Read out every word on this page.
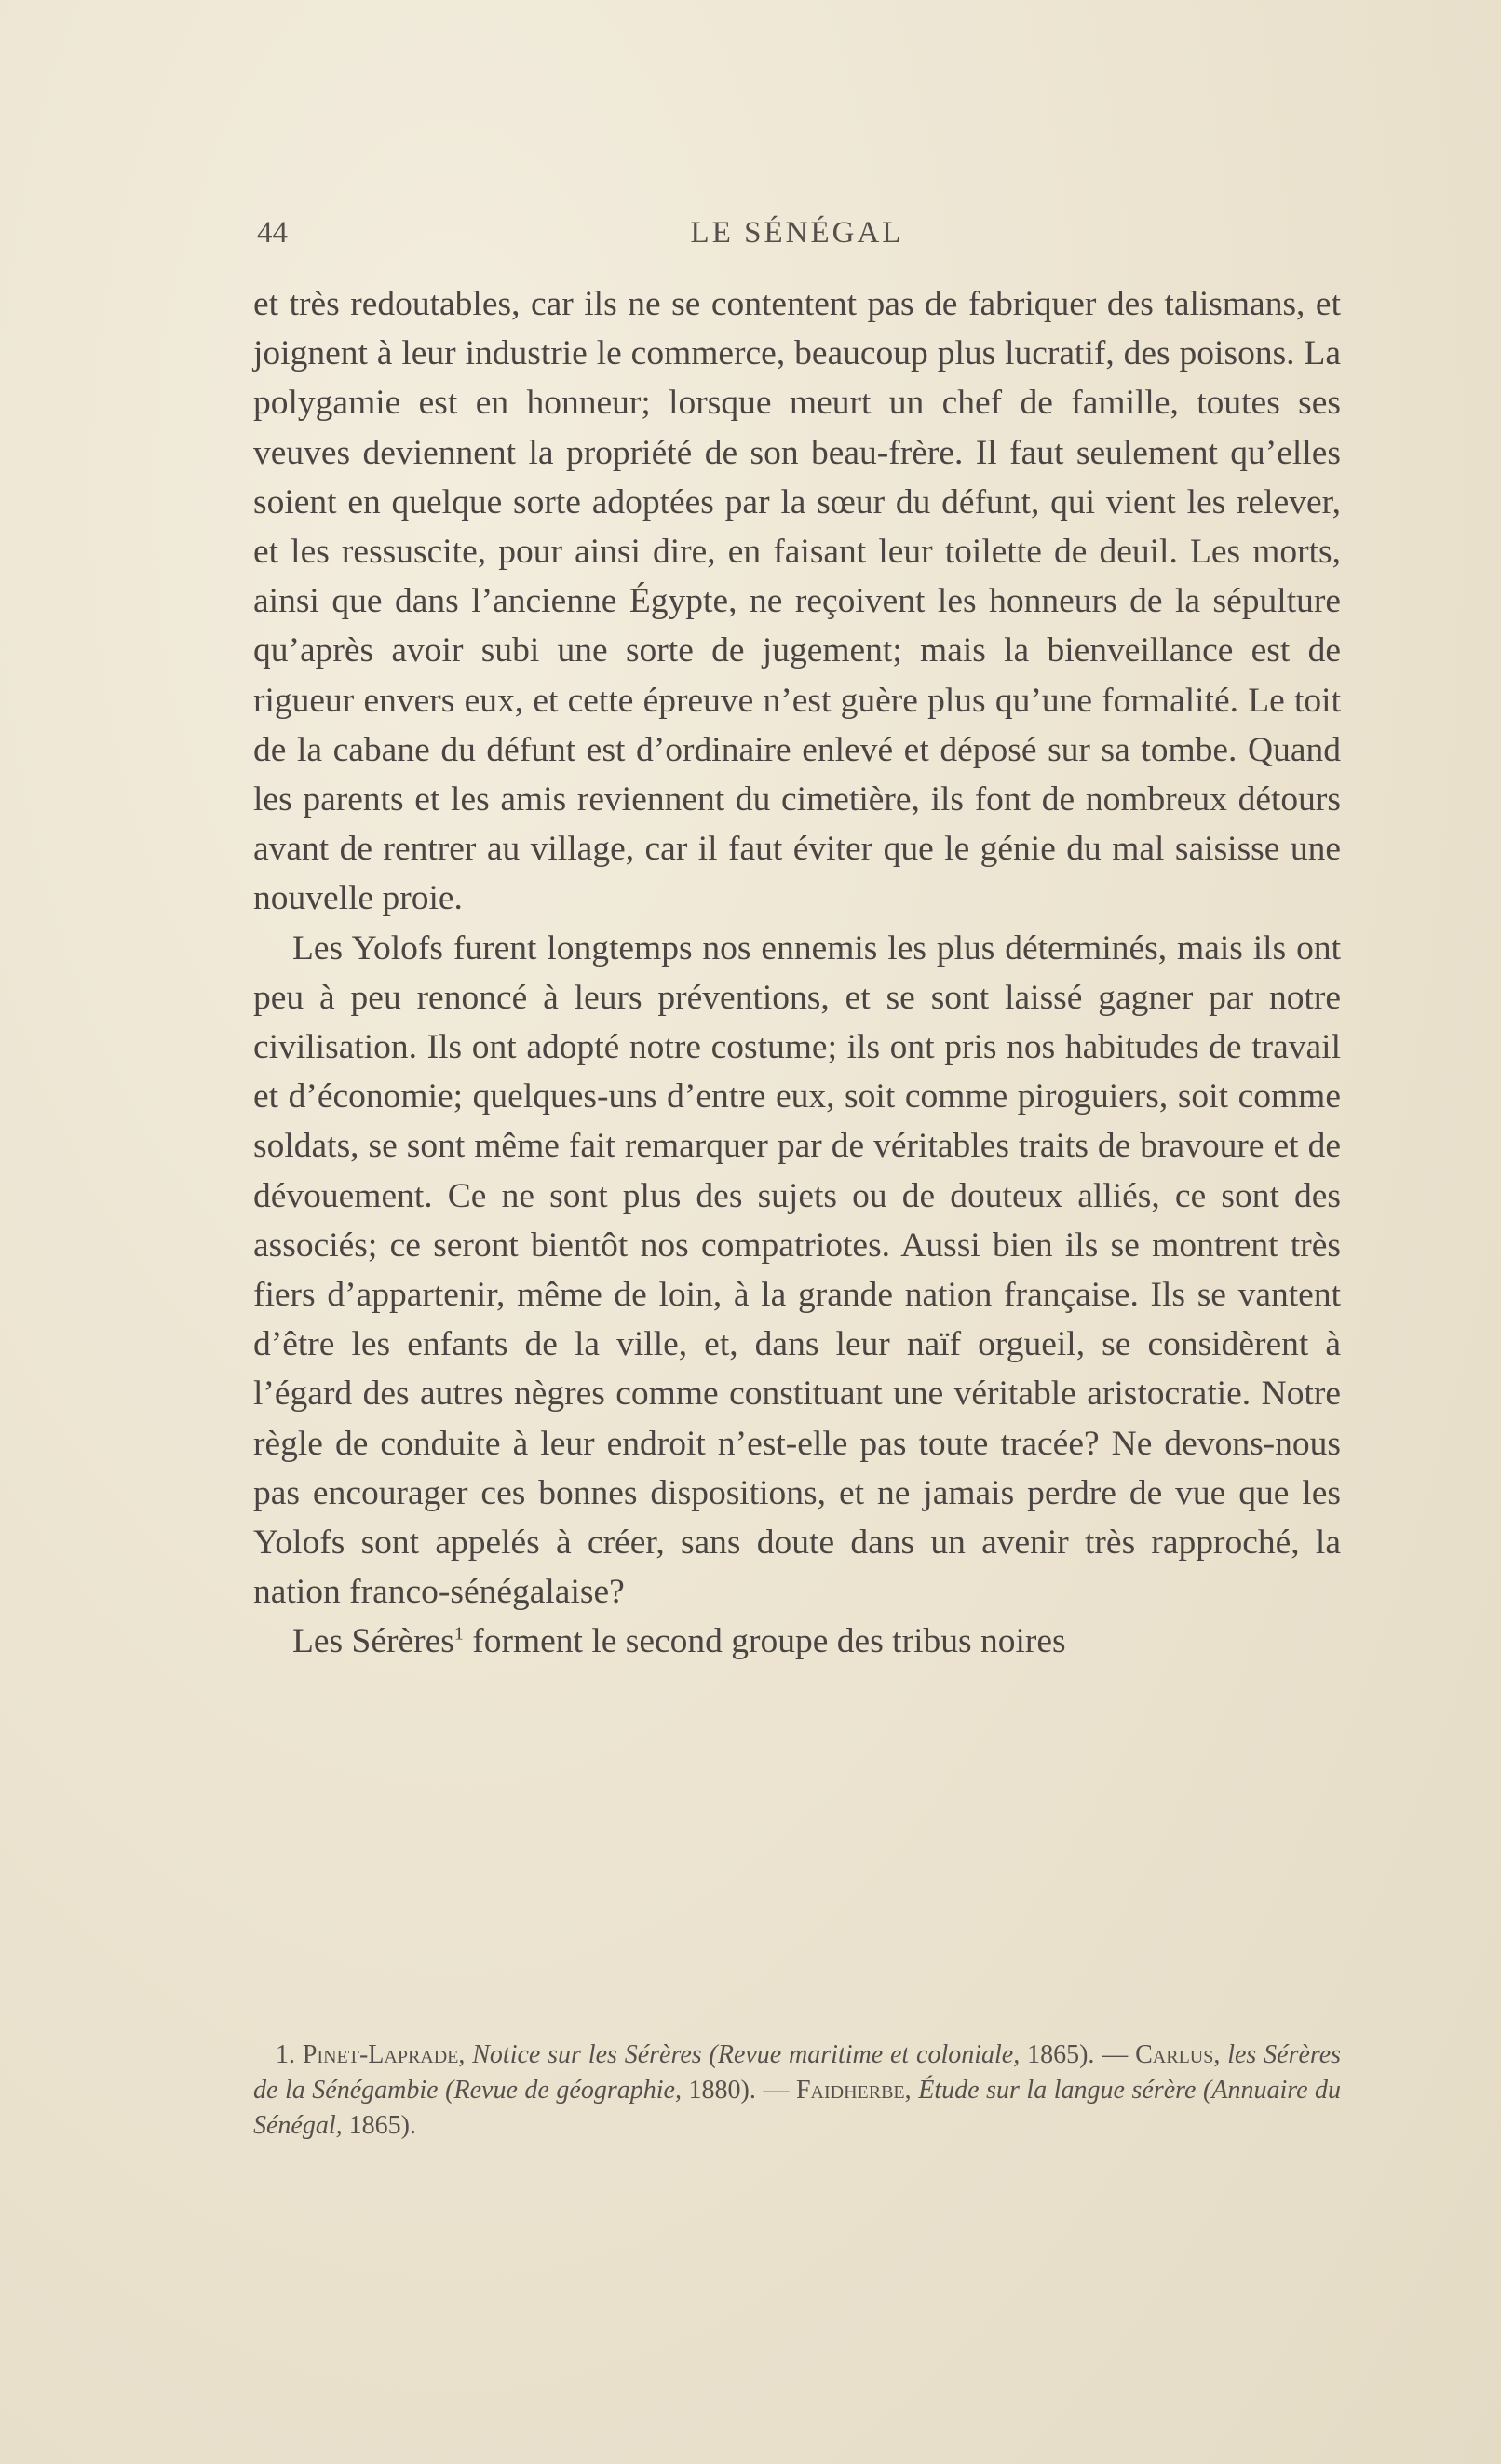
44	LE SÉNÉGAL

et très redoutables, car ils ne se contentent pas de fabriquer des talismans, et joignent à leur industrie le commerce, beaucoup plus lucratif, des poisons. La polygamie est en honneur; lorsque meurt un chef de famille, toutes ses veuves deviennent la propriété de son beau-frère. Il faut seulement qu’elles soient en quelque sorte adoptées par la sœur du défunt, qui vient les relever, et les ressuscite, pour ainsi dire, en faisant leur toilette de deuil. Les morts, ainsi que dans l’ancienne Égypte, ne reçoivent les honneurs de la sépulture qu’après avoir subi une sorte de jugement; mais la bienveillance est de rigueur envers eux, et cette épreuve n’est guère plus qu’une formalité. Le toit de la cabane du défunt est d’ordinaire enlevé et déposé sur sa tombe. Quand les parents et les amis reviennent du cimetière, ils font de nombreux détours avant de rentrer au village, car il faut éviter que le génie du mal saisisse une nouvelle proie.

Les Yolofs furent longtemps nos ennemis les plus déterminés, mais ils ont peu à peu renoncé à leurs préventions, et se sont laissé gagner par notre civilisation. Ils ont adopté notre costume; ils ont pris nos habitudes de travail et d’économie; quelques-uns d’entre eux, soit comme piroguiers, soit comme soldats, se sont même fait remarquer par de véritables traits de bravoure et de dévouement. Ce ne sont plus des sujets ou de douteux alliés, ce sont des associés; ce seront bientôt nos compatriotes. Aussi bien ils se montrent très fiers d’appartenir, même de loin, à la grande nation française. Ils se vantent d’être les enfants de la ville, et, dans leur naïf orgueil, se considèrent à l’égard des autres nègres comme constituant une véritable aristocratie. Notre règle de conduite à leur endroit n’est-elle pas toute tracée? Ne devons-nous pas encourager ces bonnes dispositions, et ne jamais perdre de vue que les Yolofs sont appelés à créer, sans doute dans un avenir très rapproché, la nation franco-sénégalaise?

Les Sérères$^1$ forment le second groupe des tribus noires

1. Pinet-Laprade, Notice sur les Sérères (Revue maritime et coloniale, 1865). — Carlus, les Sérères de la Sénégambie (Revue de géographie, 1880). — Faidherbe, Étude sur la langue sérère (Annuaire du Sénégal, 1865).
